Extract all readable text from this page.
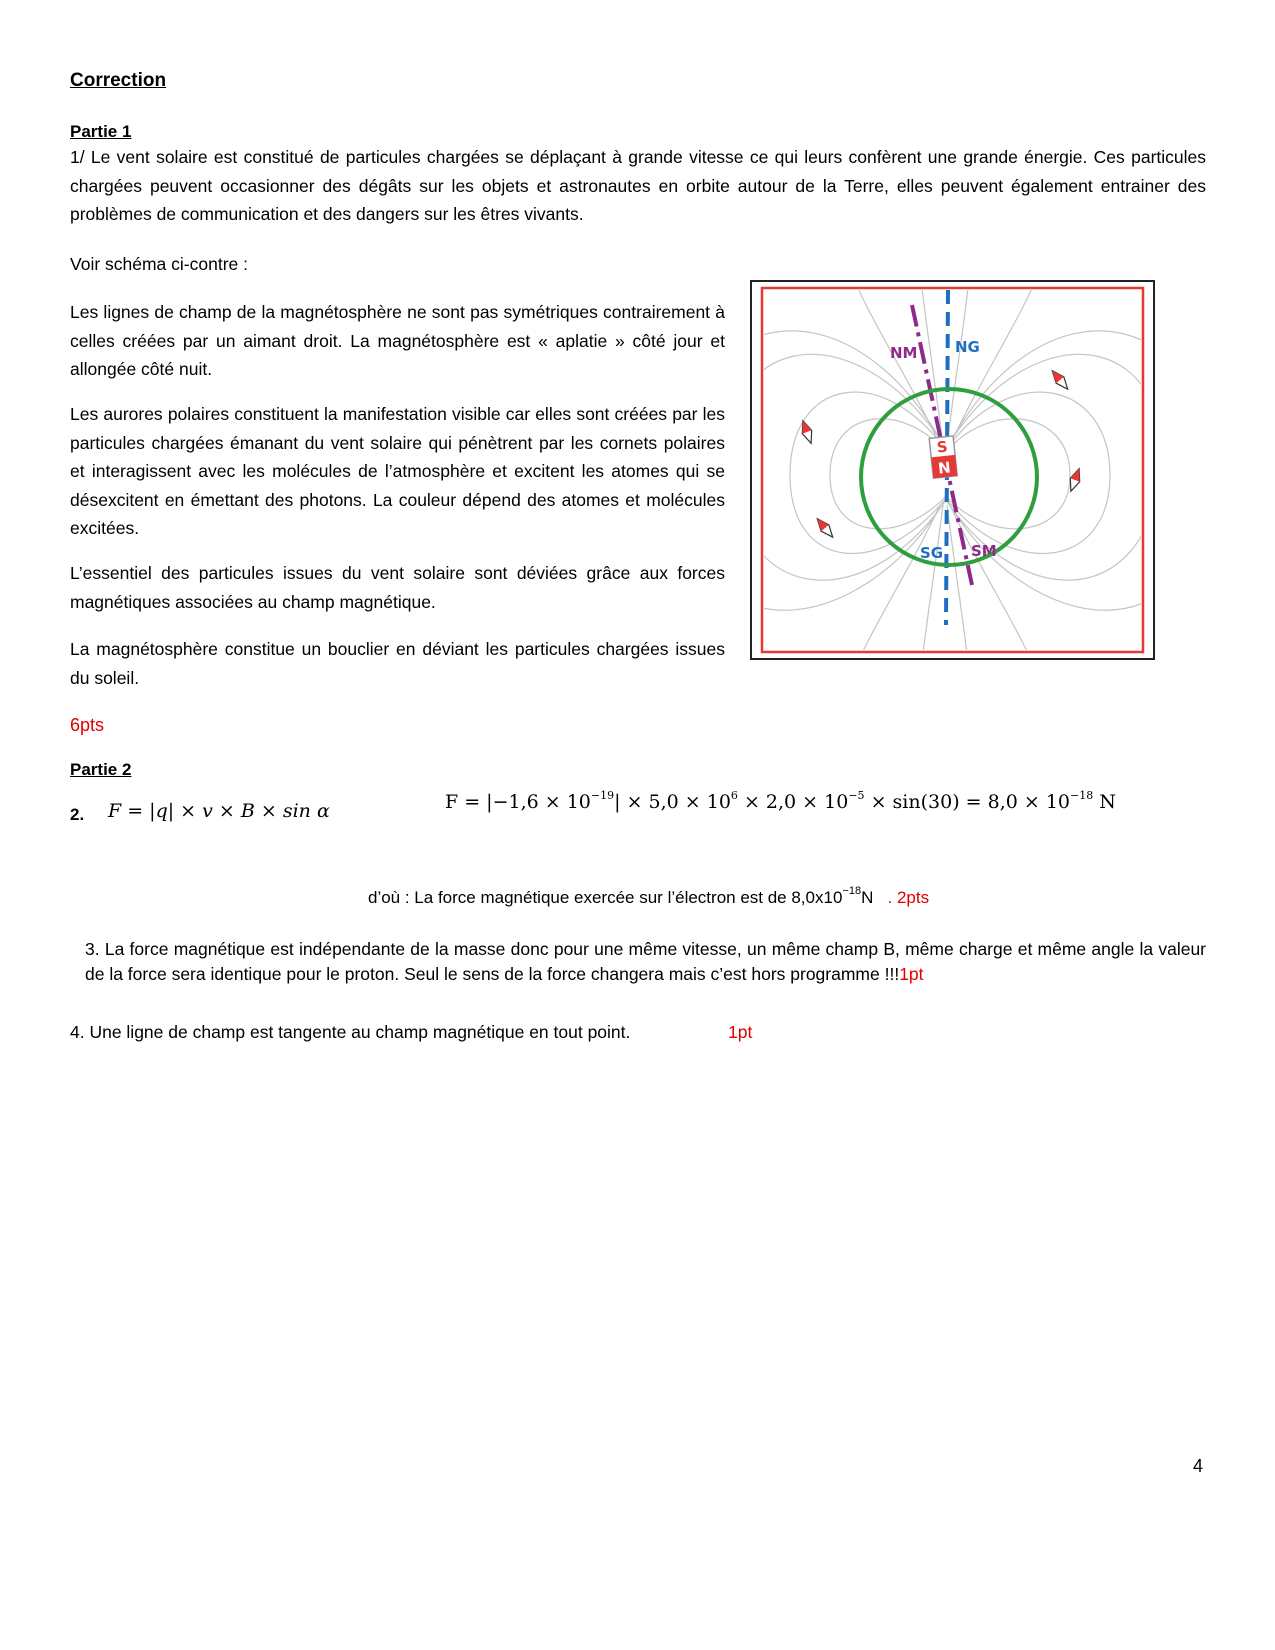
Correction
Partie 1
1/ Le vent solaire est constitué de particules chargées se déplaçant à grande vitesse ce qui leurs confèrent une grande énergie. Ces particules chargées peuvent occasionner des dégâts sur les objets et astronautes en orbite autour de la Terre, elles peuvent également entrainer des problèmes de communication et des dangers sur les êtres vivants.
Voir schéma ci-contre :
Les lignes de champ de la magnétosphère ne sont pas symétriques contrairement à celles créées par un aimant droit. La magnétosphère est « aplatie » côté jour et allongée côté nuit.
Les aurores polaires constituent la manifestation visible car elles sont créées par les particules chargées émanant du vent solaire qui pénètrent par les cornets polaires et interagissent avec les molécules de l’atmosphère et excitent les atomes qui se désexcitent en émettant des photons. La couleur dépend des atomes et molécules excitées.
L’essentiel des particules issues du vent solaire sont déviées grâce aux forces magnétiques associées au champ magnétique.
La magnétosphère constitue un bouclier en déviant les particules chargées issues du soleil.
6pts
S
N
NM	NG
SG SM
Partie 2
2. F = |q| × v × B × sin α	$F = |-1,6 \times 10^{-19}| \times 5,0 \times 10^6 \times 2,0 \times 10^{-5} \times \sin(30) = 8,0 \times 10^{-18}$ N
d’où : La force magnétique exercée sur l’électron est de $8,0x10^{-18}N$ . 2pts
3. La force magnétique est indépendante de la masse donc pour une même vitesse, un même champ B, même charge et même angle la valeur de la force sera identique pour le proton. Seul le sens de la force changera mais c’est hors programme !!!1pt
4. Une ligne de champ est tangente au champ magnétique en tout point.	1pt
4
